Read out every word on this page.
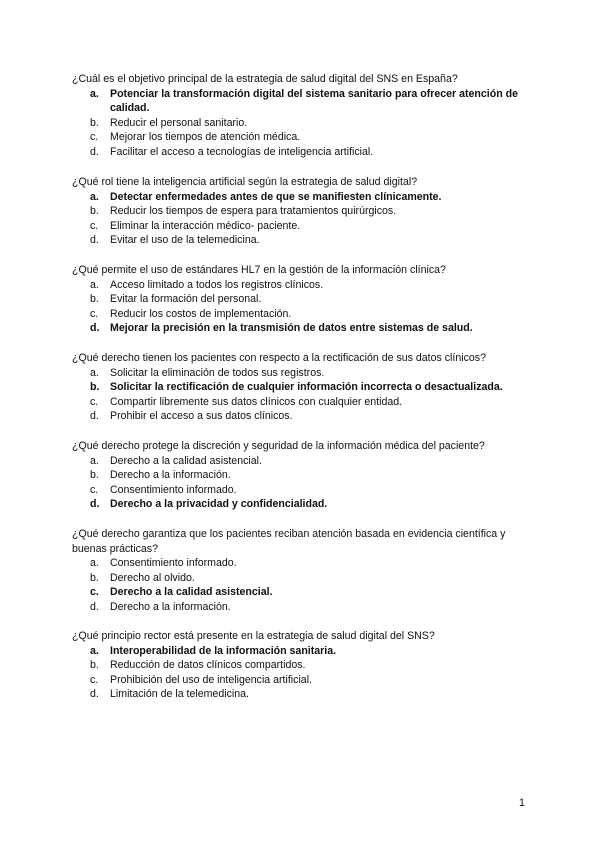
¿Cuál es el objetivo principal de la estrategia de salud digital del SNS en España?

a.	Potenciar la transformación digital del sistema sanitario para ofrecer atención de calidad.
b.	Reducir el personal sanitario.
c.	Mejorar los tiempos de atención médica.
d.	Facilitar el acceso a tecnologías de inteligencia artificial.

¿Qué rol tiene la inteligencia artificial según la estrategia de salud digital?

a.	Detectar enfermedades antes de que se manifiesten clínicamente.
b.	Reducir los tiempos de espera para tratamientos quirúrgicos.
c.	Eliminar la interacción médico- paciente.
d.	Evitar el uso de la telemedicina.

¿Qué permite el uso de estándares HL7 en la gestión de la información clínica?

a.	Acceso limitado a todos los registros clínicos.
b.	Evitar la formación del personal.
c.	Reducir los costos de implementación.
d. Mejorar la precisión en la transmisión de datos entre sistemas de salud.

¿Qué derecho tienen los pacientes con respecto a la rectificación de sus datos clínicos?

a.	Solicitar la eliminación de todos sus registros.
b. Solicitar la rectificación de cualquier información incorrecta o desactualizada.
c.	Compartir libremente sus datos clínicos con cualquier entidad.
d.	Prohibir el acceso a sus datos clínicos.

¿Qué derecho protege la discreción y seguridad de la información médica del paciente?

a.	Derecho a la calidad asistencial.
b.	Derecho a la información.
c.	Consentimiento informado.
d. Derecho a la privacidad y confidencialidad.

¿Qué derecho garantiza que los pacientes reciban atención basada en evidencia científica y buenas prácticas?

a.	Consentimiento informado.
b.	Derecho al olvido.
c.	Derecho a la calidad asistencial.
d.	Derecho a la información.

¿Qué principio rector está presente en la estrategia de salud digital del SNS?

a.	Interoperabilidad de la información sanitaria.
b.	Reducción de datos clínicos compartidos.
c.	Prohibición del uso de inteligencia artificial.
d.	Limitación de la telemedicina.
1
